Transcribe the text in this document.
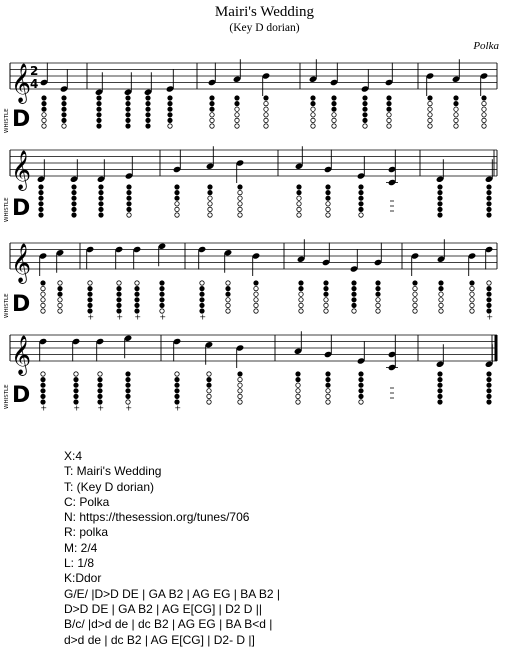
Mairi's Wedding
(Key D dorian)
Polka
𝄞
2
4
WHISTLE D
𝄞
WHISTLE D
𝄞
+	+ + +	+	+
WHISTLE D
𝄞
+	+ +	+	+
WHISTLE D
X:4
T: Mairi's Wedding
T: (Key D dorian)
C: Polka
N: https://thesession.org/tunes/706
R: polka
M: 2/4
L: 1/8
K:Ddor
G/E/ |D>D DE | GA B2 | AG EG | BA B2 |
D>D DE | GA B2 | AG E[CG] | D2 D ||
B/c/ |d>d de | dc B2 | AG EG | BA B<d |
d>d de | dc B2 | AG E[CG] | D2- D |]
